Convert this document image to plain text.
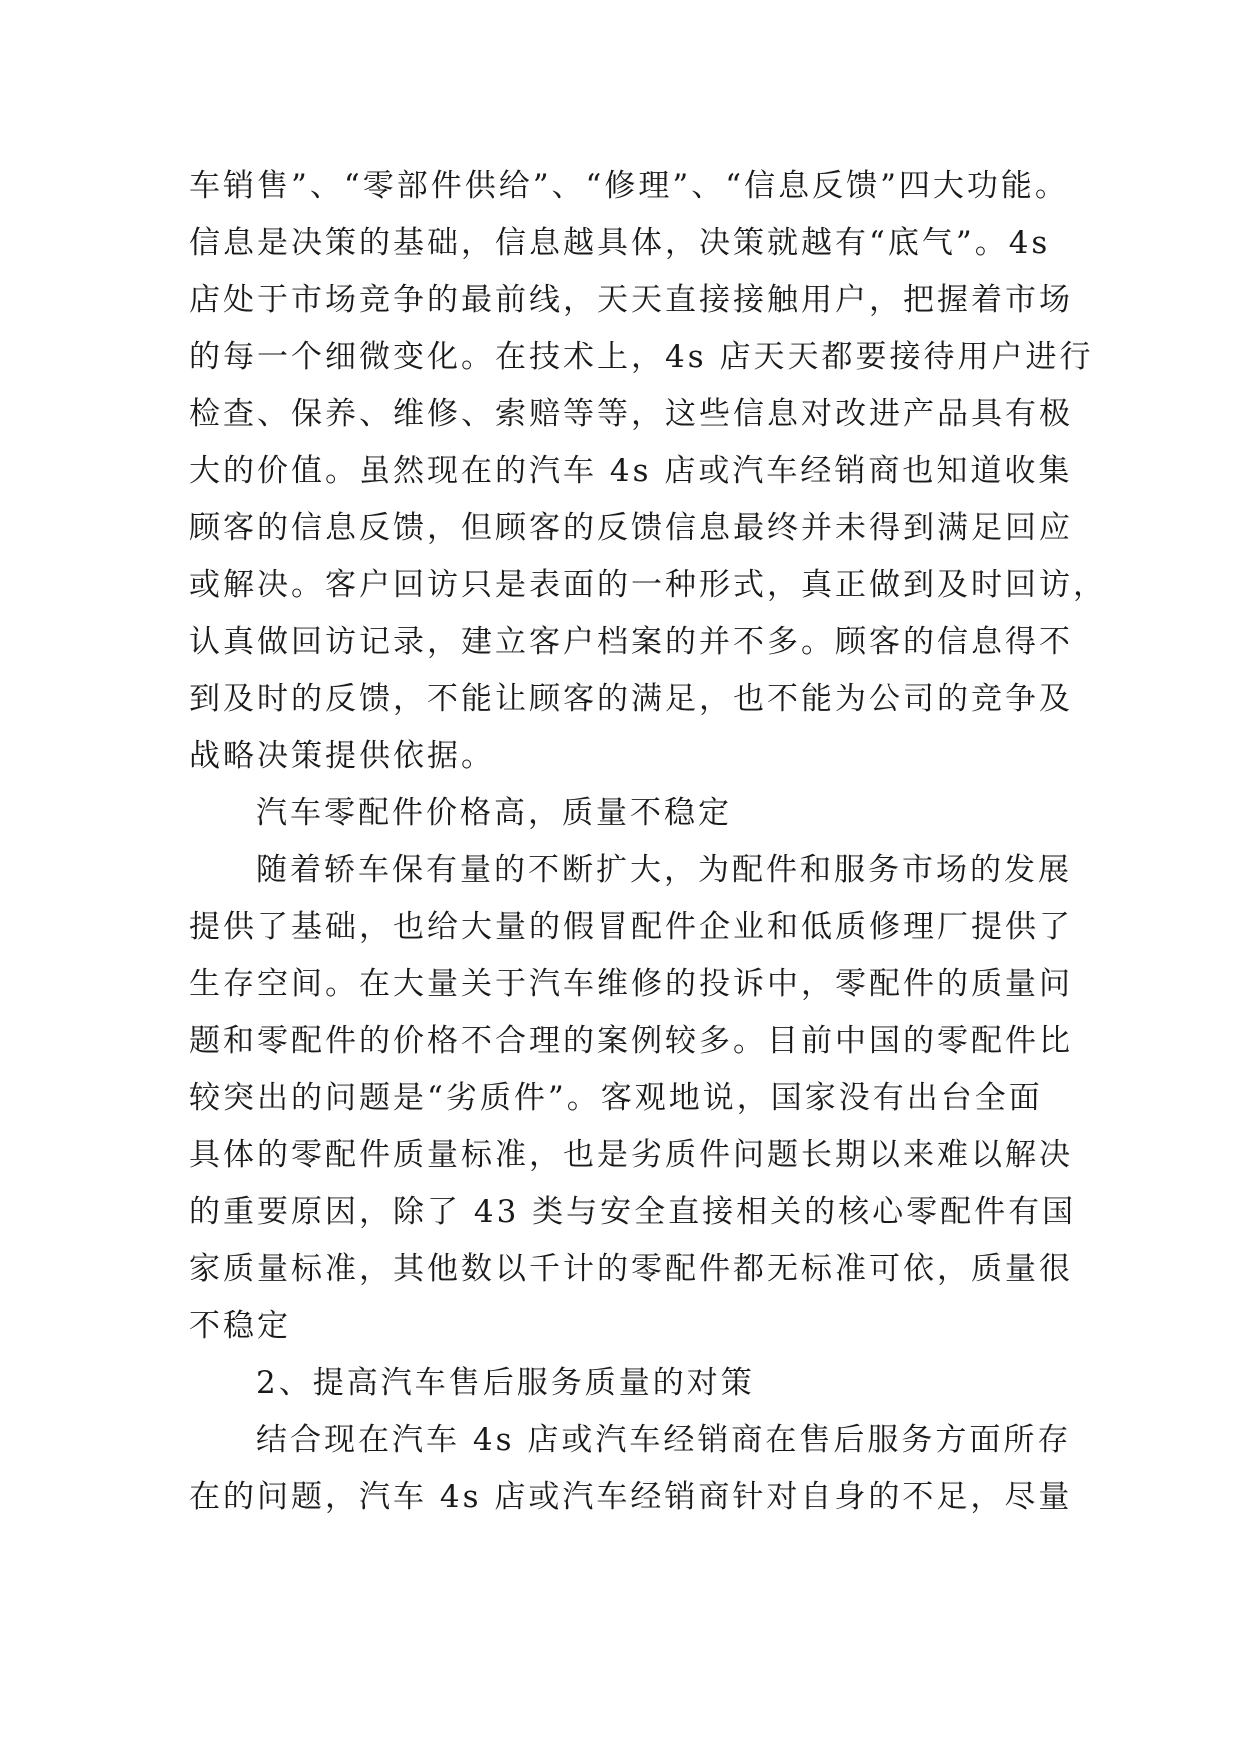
车销售”、“零部件供给”、“修理”、“信息反馈”四大功能。

信息是决策的基础，信息越具体，决策就越有“底气”。4s

店处于市场竞争的最前线，天天直接接触用户，把握着市场

的每一个细微变化。在技术上，4s 店天天都要接待用户进行

检查、保养、维修、索赔等等，这些信息对改进产品具有极

大的价值。虽然现在的汽车 4s 店或汽车经销商也知道收集

顾客的信息反馈，但顾客的反馈信息最终并未得到满足回应

或解决。客户回访只是表面的一种形式，真正做到及时回访，

认真做回访记录，建立客户档案的并不多。顾客的信息得不

到及时的反馈，不能让顾客的满足，也不能为公司的竞争及

战略决策提供依据。

汽车零配件价格高，质量不稳定

随着轿车保有量的不断扩大，为配件和服务市场的发展

提供了基础，也给大量的假冒配件企业和低质修理厂提供了

生存空间。在大量关于汽车维修的投诉中，零配件的质量问

题和零配件的价格不合理的案例较多。目前中国的零配件比

较突出的问题是“劣质件”。客观地说，国家没有出台全面

具体的零配件质量标准，也是劣质件问题长期以来难以解决

的重要原因，除了 43 类与安全直接相关的核心零配件有国

家质量标准，其他数以千计的零配件都无标准可依，质量很

不稳定

2、提高汽车售后服务质量的对策

结合现在汽车 4s 店或汽车经销商在售后服务方面所存

在的问题，汽车 4s 店或汽车经销商针对自身的不足，尽量
